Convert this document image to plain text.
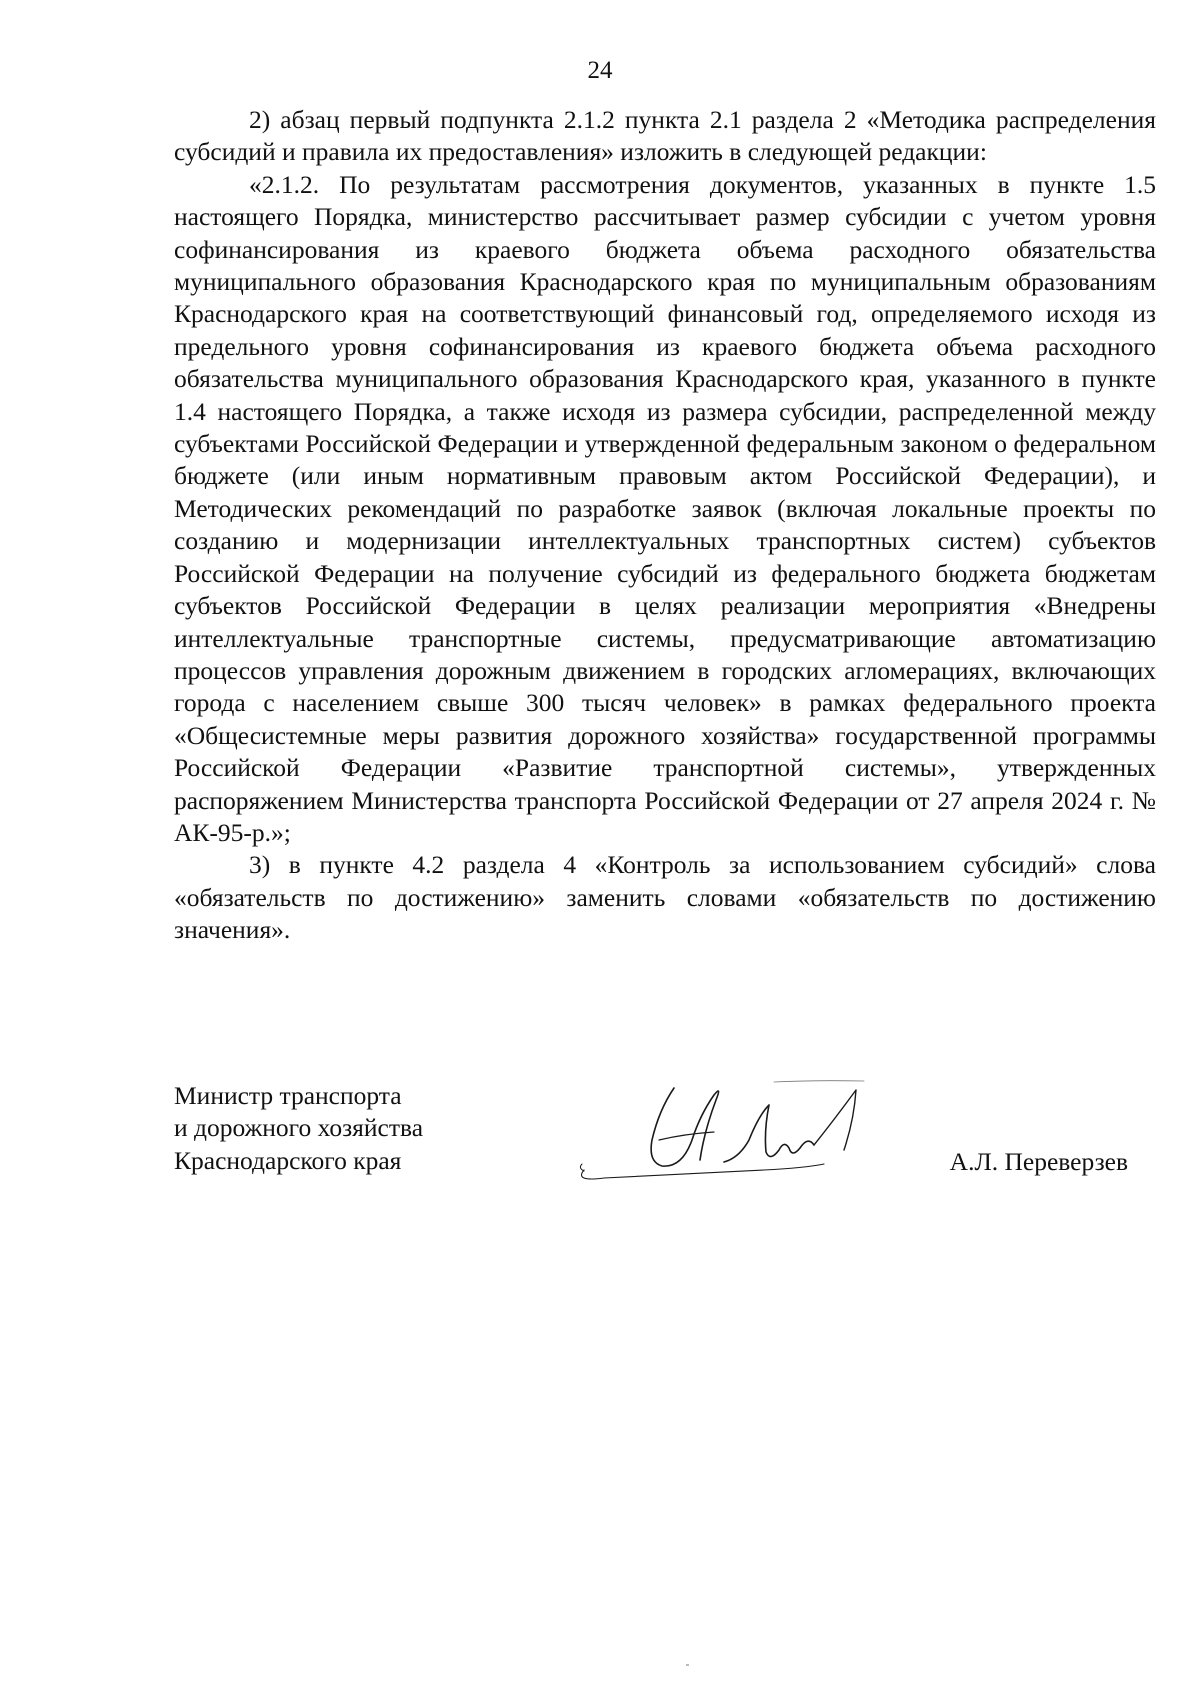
24

2) абзац первый подпункта 2.1.2 пункта 2.1 раздела 2 «Методика распределения субсидий и правила их предоставления» изложить в следующей редакции:

«2.1.2. По результатам рассмотрения документов, указанных в пункте 1.5 настоящего Порядка, министерство рассчитывает размер субсидии с учетом уровня софинансирования из краевого бюджета объема расходного обязательства муниципального образования Краснодарского края по муниципальным образованиям Краснодарского края на соответствующий финансовый год, определяемого исходя из предельного уровня софинансирования из краевого бюджета объема расходного обязательства муниципального образования Краснодарского края, указанного в пункте 1.4 настоящего Порядка, а также исходя из размера субсидии, распределенной между субъектами Российской Федерации и утвержденной федеральным законом о федеральном бюджете (или иным нормативным правовым актом Российской Федерации), и Методических рекомендаций по разработке заявок (включая локальные проекты по созданию и модернизации интеллектуальных транспортных систем) субъектов Российской Федерации на получение субсидий из федерального бюджета бюджетам субъектов Российской Федерации в целях реализации мероприятия «Внедрены интеллектуальные транспортные системы, предусматривающие автоматизацию процессов управления дорожным движением в городских агломерациях, включающих города с населением свыше 300 тысяч человек» в рамках федерального проекта «Общесистемные меры развития дорожного хозяйства» государственной программы Российской Федерации «Развитие транспортной системы», утвержденных распоряжением Министерства транспорта Российской Федерации от 27 апреля 2024 г. № АК-95-р.»;

3) в пункте 4.2 раздела 4 «Контроль за использованием субсидий» слова «обязательств по достижению» заменить словами «обязательств по достижению значения».

Министр транспорта
и дорожного хозяйства
Краснодарского края	А.Л. Переверзев
